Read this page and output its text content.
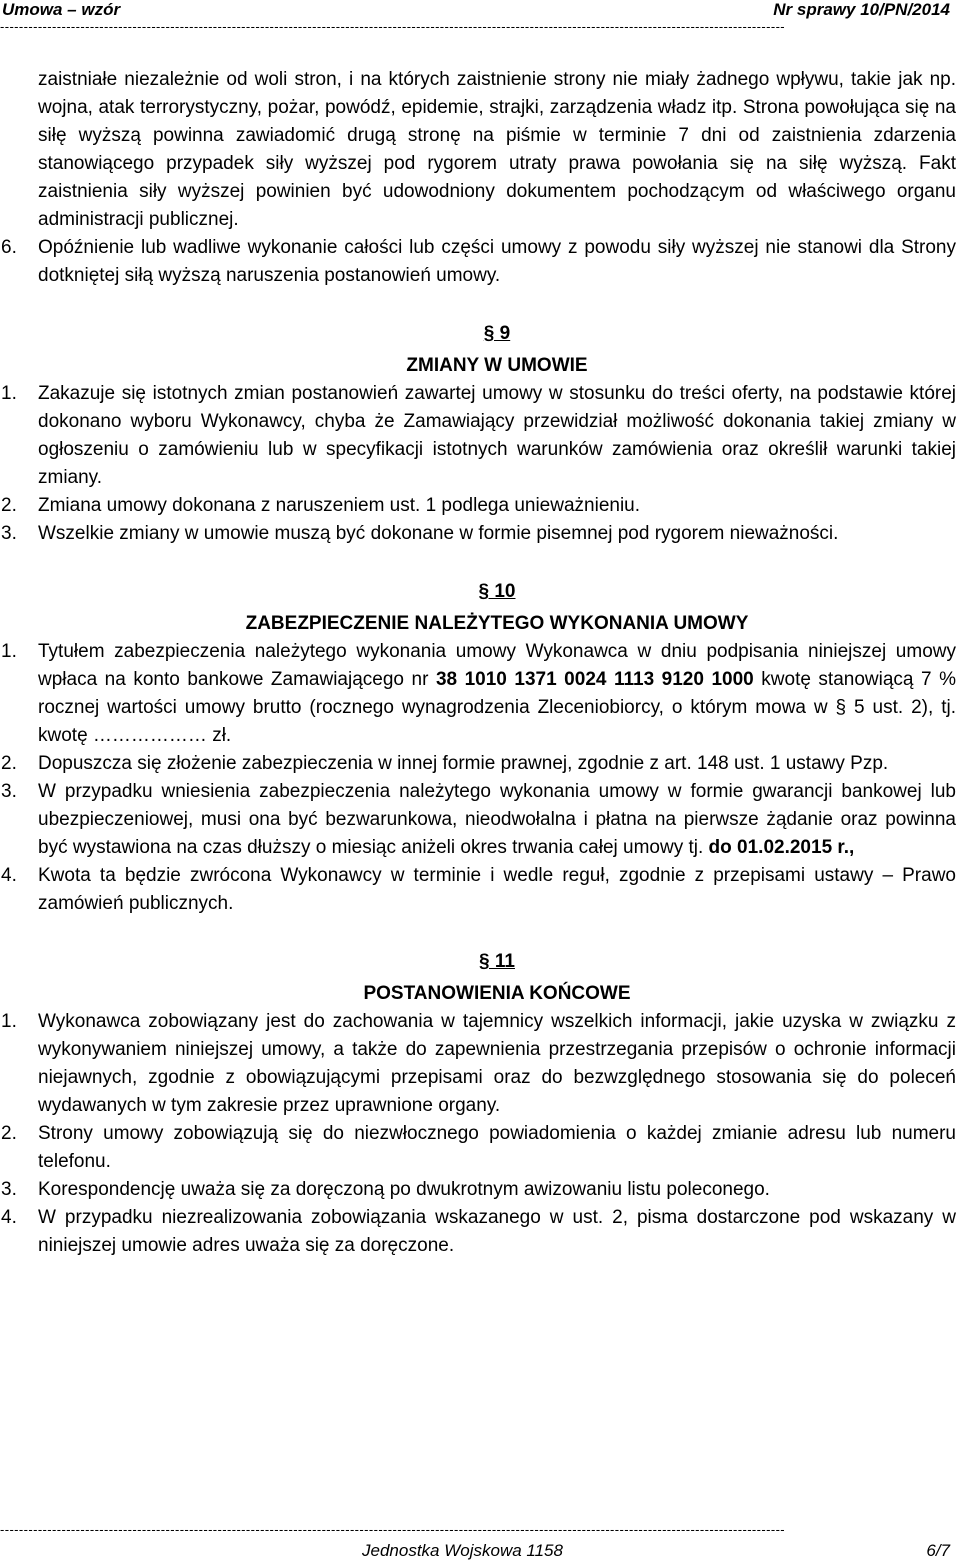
Umowa – wzór	Nr sprawy 10/PN/2014
----------------------------------------------------------------------------------------------------------------------------------------------------------------------
zaistniałe niezależnie od woli stron, i na których zaistnienie strony nie miały żadnego wpływu, takie jak np. wojna, atak terrorystyczny, pożar, powódź, epidemie, strajki, zarządzenia władz itp. Strona powołująca się na siłę wyższą powinna zawiadomić drugą stronę na piśmie w terminie 7 dni od zaistnienia zdarzenia stanowiącego przypadek siły wyższej pod rygorem utraty prawa powołania się na siłę wyższą. Fakt zaistnienia siły wyższej powinien być udowodniony dokumentem pochodzącym od właściwego organu administracji publicznej.
6. Opóźnienie lub wadliwe wykonanie całości lub części umowy z powodu siły wyższej nie stanowi dla Strony dotkniętej siłą wyższą naruszenia postanowień umowy.
§ 9
ZMIANY W UMOWIE
1. Zakazuje się istotnych zmian postanowień zawartej umowy w stosunku do treści oferty, na podstawie której dokonano wyboru Wykonawcy, chyba że Zamawiający przewidział możliwość dokonania takiej zmiany w ogłoszeniu o zamówieniu lub w specyfikacji istotnych warunków zamówienia oraz określił warunki takiej zmiany.
2. Zmiana umowy dokonana z naruszeniem ust. 1 podlega unieważnieniu.
3. Wszelkie zmiany w umowie muszą być dokonane w formie pisemnej pod rygorem nieważności.
§ 10
ZABEZPIECZENIE NALEŻYTEGO WYKONANIA UMOWY
1. Tytułem zabezpieczenia należytego wykonania umowy Wykonawca w dniu podpisania niniejszej umowy wpłaca na konto bankowe Zamawiającego nr 38 1010 1371 0024 1113 9120 1000 kwotę stanowiącą 7 % rocznej wartości umowy brutto (rocznego wynagrodzenia Zleceniobiorcy, o którym mowa w § 5 ust. 2), tj. kwotę ……………… zł.
2. Dopuszcza się złożenie zabezpieczenia w innej formie prawnej, zgodnie z art. 148 ust. 1 ustawy Pzp.
3. W przypadku wniesienia zabezpieczenia należytego wykonania umowy w formie gwarancji bankowej lub ubezpieczeniowej, musi ona być bezwarunkowa, nieodwołalna i płatna na pierwsze żądanie oraz powinna być wystawiona na czas dłuższy o miesiąc aniżeli okres trwania całej umowy tj. do 01.02.2015 r.,
4. Kwota ta będzie zwrócona Wykonawcy w terminie i wedle reguł, zgodnie z przepisami ustawy – Prawo zamówień publicznych.
§ 11
POSTANOWIENIA KOŃCOWE
1. Wykonawca zobowiązany jest do zachowania w tajemnicy wszelkich informacji, jakie uzyska w związku z wykonywaniem niniejszej umowy, a także do zapewnienia przestrzegania przepisów o ochronie informacji niejawnych, zgodnie z obowiązującymi przepisami oraz do bezwzględnego stosowania się do poleceń wydawanych w tym zakresie przez uprawnione organy.
2. Strony umowy zobowiązują się do niezwłocznego powiadomienia o każdej zmianie adresu lub numeru telefonu.
3. Korespondencję uważa się za doręczoną po dwukrotnym awizowaniu listu poleconego.
4. W przypadku niezrealizowania zobowiązania wskazanego w ust. 2, pisma dostarczone pod wskazany w niniejszej umowie adres uważa się za doręczone.
----------------------------------------------------------------------------------------------------------------------------------------------------------------------
Jednostka Wojskowa 1158	6/7
